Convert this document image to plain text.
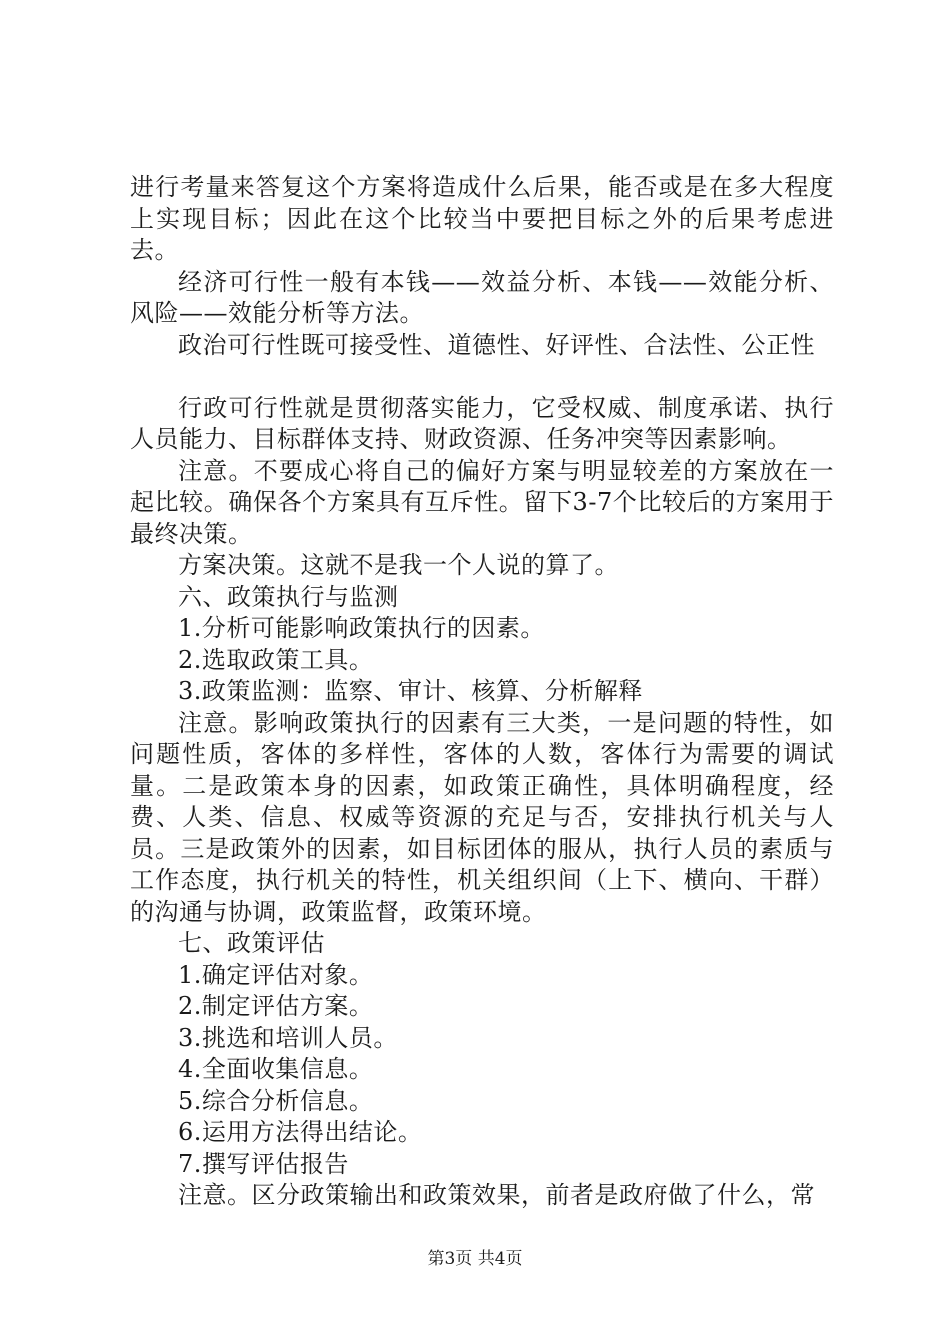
进行考量来答复这个方案将造成什么后果，能否或是在多大程度上实现目标；因此在这个比较当中要把目标之外的后果考虑进去。

经济可行性一般有本钱——效益分析、本钱——效能分析、风险——效能分析等方法。

政治可行性既可接受性、道德性、好评性、合法性、公正性

行政可行性就是贯彻落实能力，它受权威、制度承诺、执行人员能力、目标群体支持、财政资源、任务冲突等因素影响。

注意。不要成心将自己的偏好方案与明显较差的方案放在一起比较。确保各个方案具有互斥性。留下3-7个比较后的方案用于最终决策。

方案决策。这就不是我一个人说的算了。

六、政策执行与监测

1.分析可能影响政策执行的因素。

2.选取政策工具。

3.政策监测：监察、审计、核算、分析解释

注意。影响政策执行的因素有三大类，一是问题的特性，如问题性质，客体的多样性，客体的人数，客体行为需要的调试量。二是政策本身的因素，如政策正确性，具体明确程度，经费、人类、信息、权威等资源的充足与否，安排执行机关与人员。三是政策外的因素，如目标团体的服从，执行人员的素质与工作态度，执行机关的特性，机关组织间（上下、横向、干群）的沟通与协调，政策监督，政策环境。

七、政策评估

1.确定评估对象。

2.制定评估方案。

3.挑选和培训人员。

4.全面收集信息。

5.综合分析信息。

6.运用方法得出结论。

7.撰写评估报告

注意。区分政策输出和政策效果，前者是政府做了什么，常

第3页 共4页
